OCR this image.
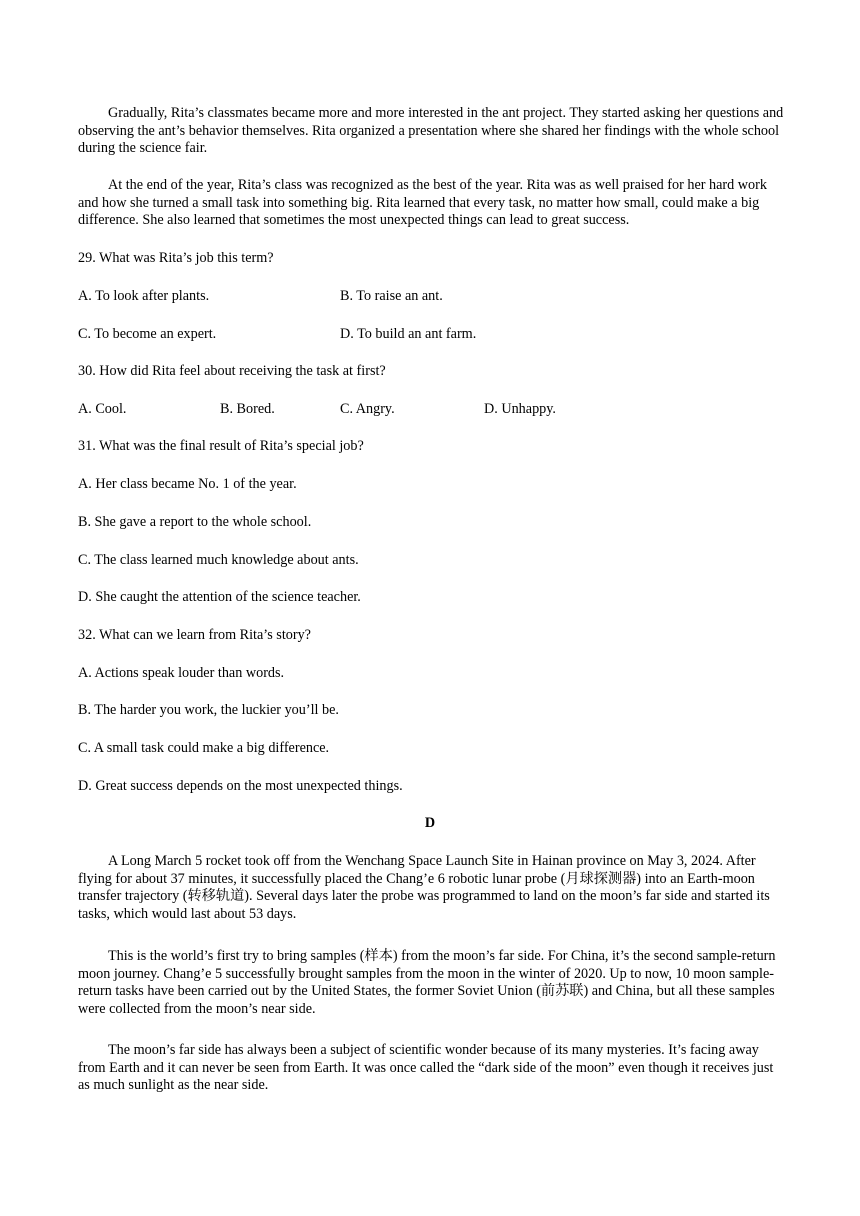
Gradually, Rita’s classmates became more and more interested in the ant project. They started asking her questions and observing the ant’s behavior themselves. Rita organized a presentation where she shared her findings with the whole school during the science fair.

At the end of the year, Rita’s class was recognized as the best of the year. Rita was as well praised for her hard work and how she turned a small task into something big. Rita learned that every task, no matter how small, could make a big difference. She also learned that sometimes the most unexpected things can lead to great success.

29. What was Rita’s job this term?

A. To look after plants.	B. To raise an ant.

C. To become an expert.	D. To build an ant farm.

30. How did Rita feel about receiving the task at first?

A. Cool.	B. Bored.	C. Angry.	D. Unhappy.

31. What was the final result of Rita’s special job?

A. Her class became No. 1 of the year.

B. She gave a report to the whole school.

C. The class learned much knowledge about ants.

D. She caught the attention of the science teacher.

32. What can we learn from Rita’s story?

A. Actions speak louder than words.

B. The harder you work, the luckier you’ll be.

C. A small task could make a big difference.

D. Great success depends on the most unexpected things.

D

A Long March 5 rocket took off from the Wenchang Space Launch Site in Hainan province on May 3, 2024. After flying for about 37 minutes, it successfully placed the Chang’e 6 robotic lunar probe (月球探测器) into an Earth-moon transfer trajectory (转移轨道). Several days later the probe was programmed to land on the moon’s far side and started its tasks, which would last about 53 days.

This is the world’s first try to bring samples (样本) from the moon’s far side. For China, it’s the second sample-return moon journey. Chang’e 5 successfully brought samples from the moon in the winter of 2020. Up to now, 10 moon sample-return tasks have been carried out by the United States, the former Soviet Union (前苏联) and China, but all these samples were collected from the moon’s near side.

The moon’s far side has always been a subject of scientific wonder because of its many mysteries. It’s facing away from Earth and it can never be seen from Earth. It was once called the “dark side of the moon” even though it receives just as much sunlight as the near side.
